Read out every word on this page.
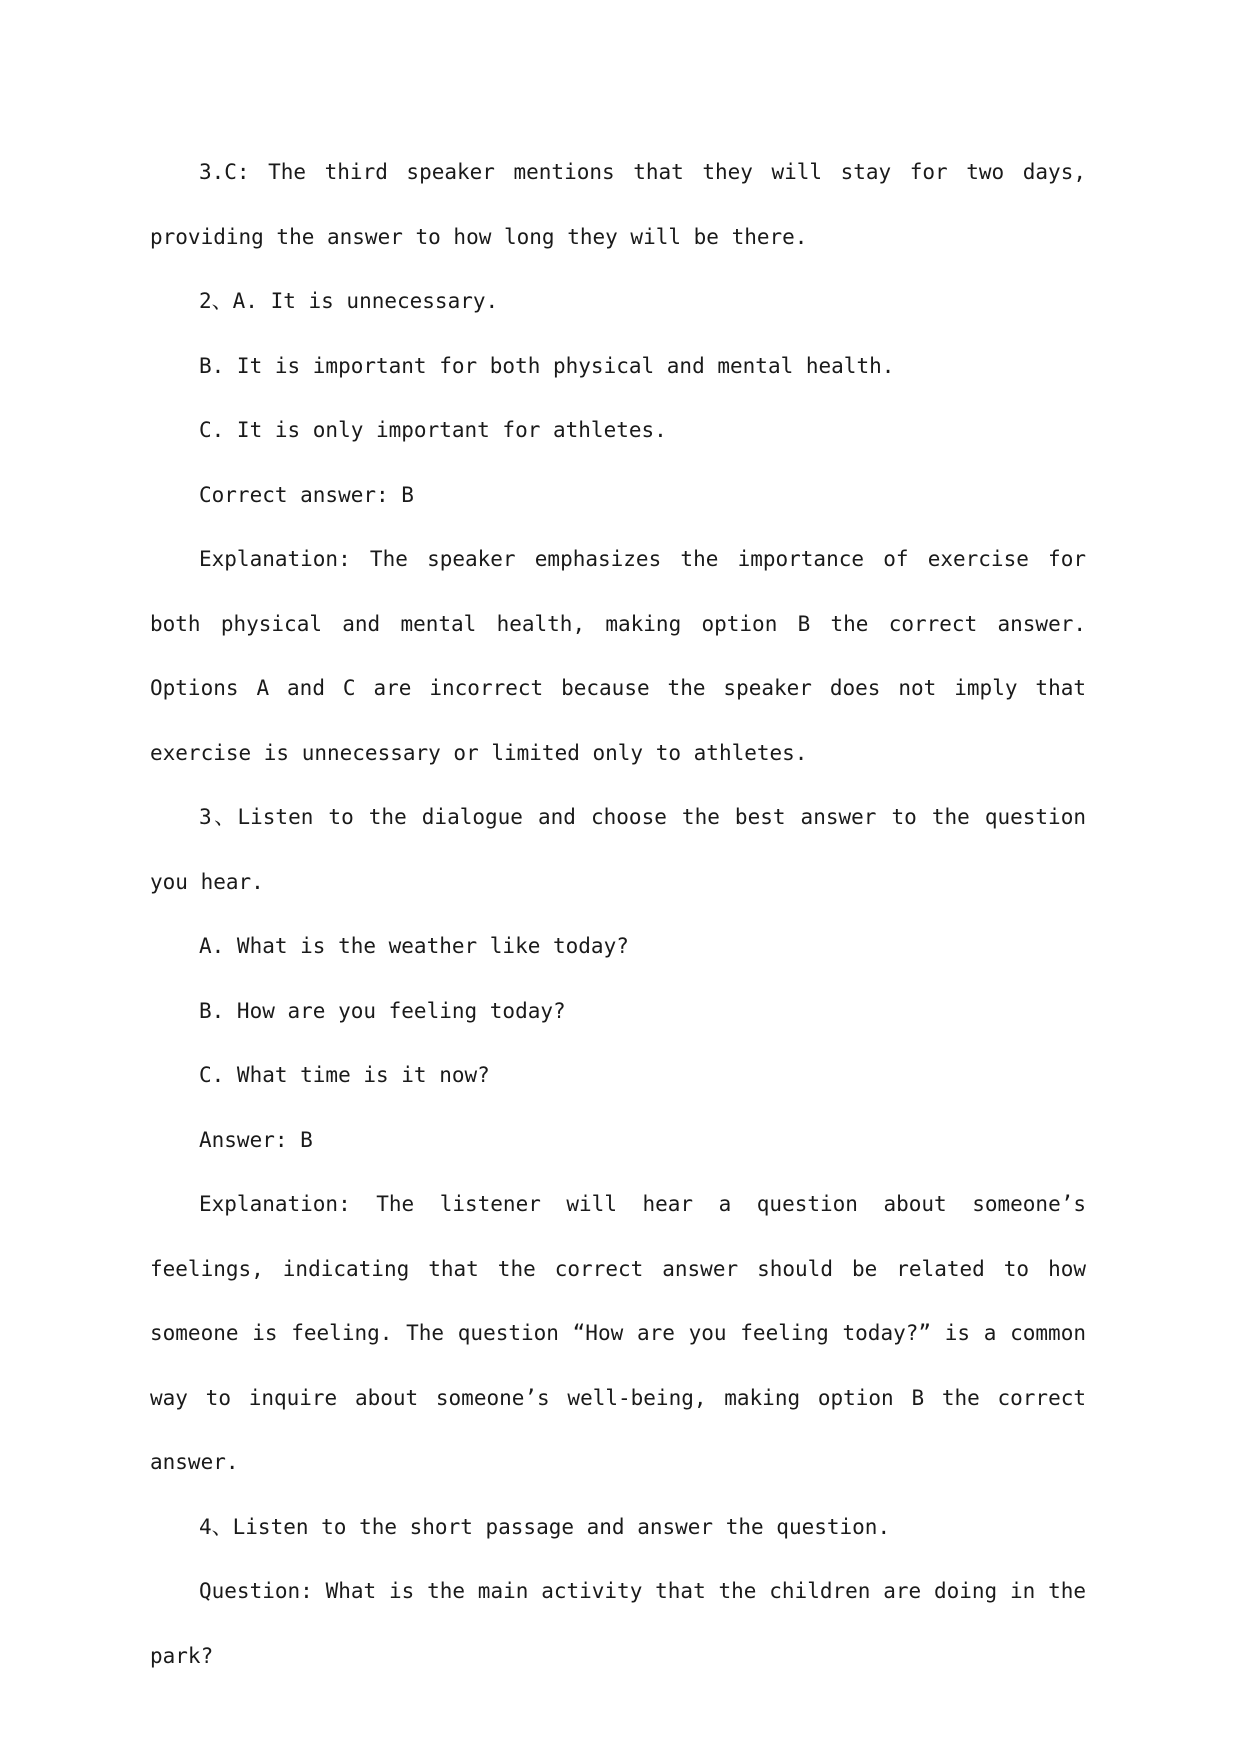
3.C: The third speaker mentions that they will stay for two days, providing the answer to how long they will be there.

2、A. It is unnecessary.

B. It is important for both physical and mental health.

C. It is only important for athletes.

Correct answer: B

Explanation: The speaker emphasizes the importance of exercise for both physical and mental health, making option B the correct answer. Options A and C are incorrect because the speaker does not imply that exercise is unnecessary or limited only to athletes.

3、Listen to the dialogue and choose the best answer to the question you hear.

A. What is the weather like today?

B. How are you feeling today?

C. What time is it now?

Answer: B

Explanation: The listener will hear a question about someone’s feelings, indicating that the correct answer should be related to how someone is feeling. The question “How are you feeling today?” is a common way to inquire about someone’s well-being, making option B the correct answer.

4、Listen to the short passage and answer the question.

Question: What is the main activity that the children are doing in the park?
